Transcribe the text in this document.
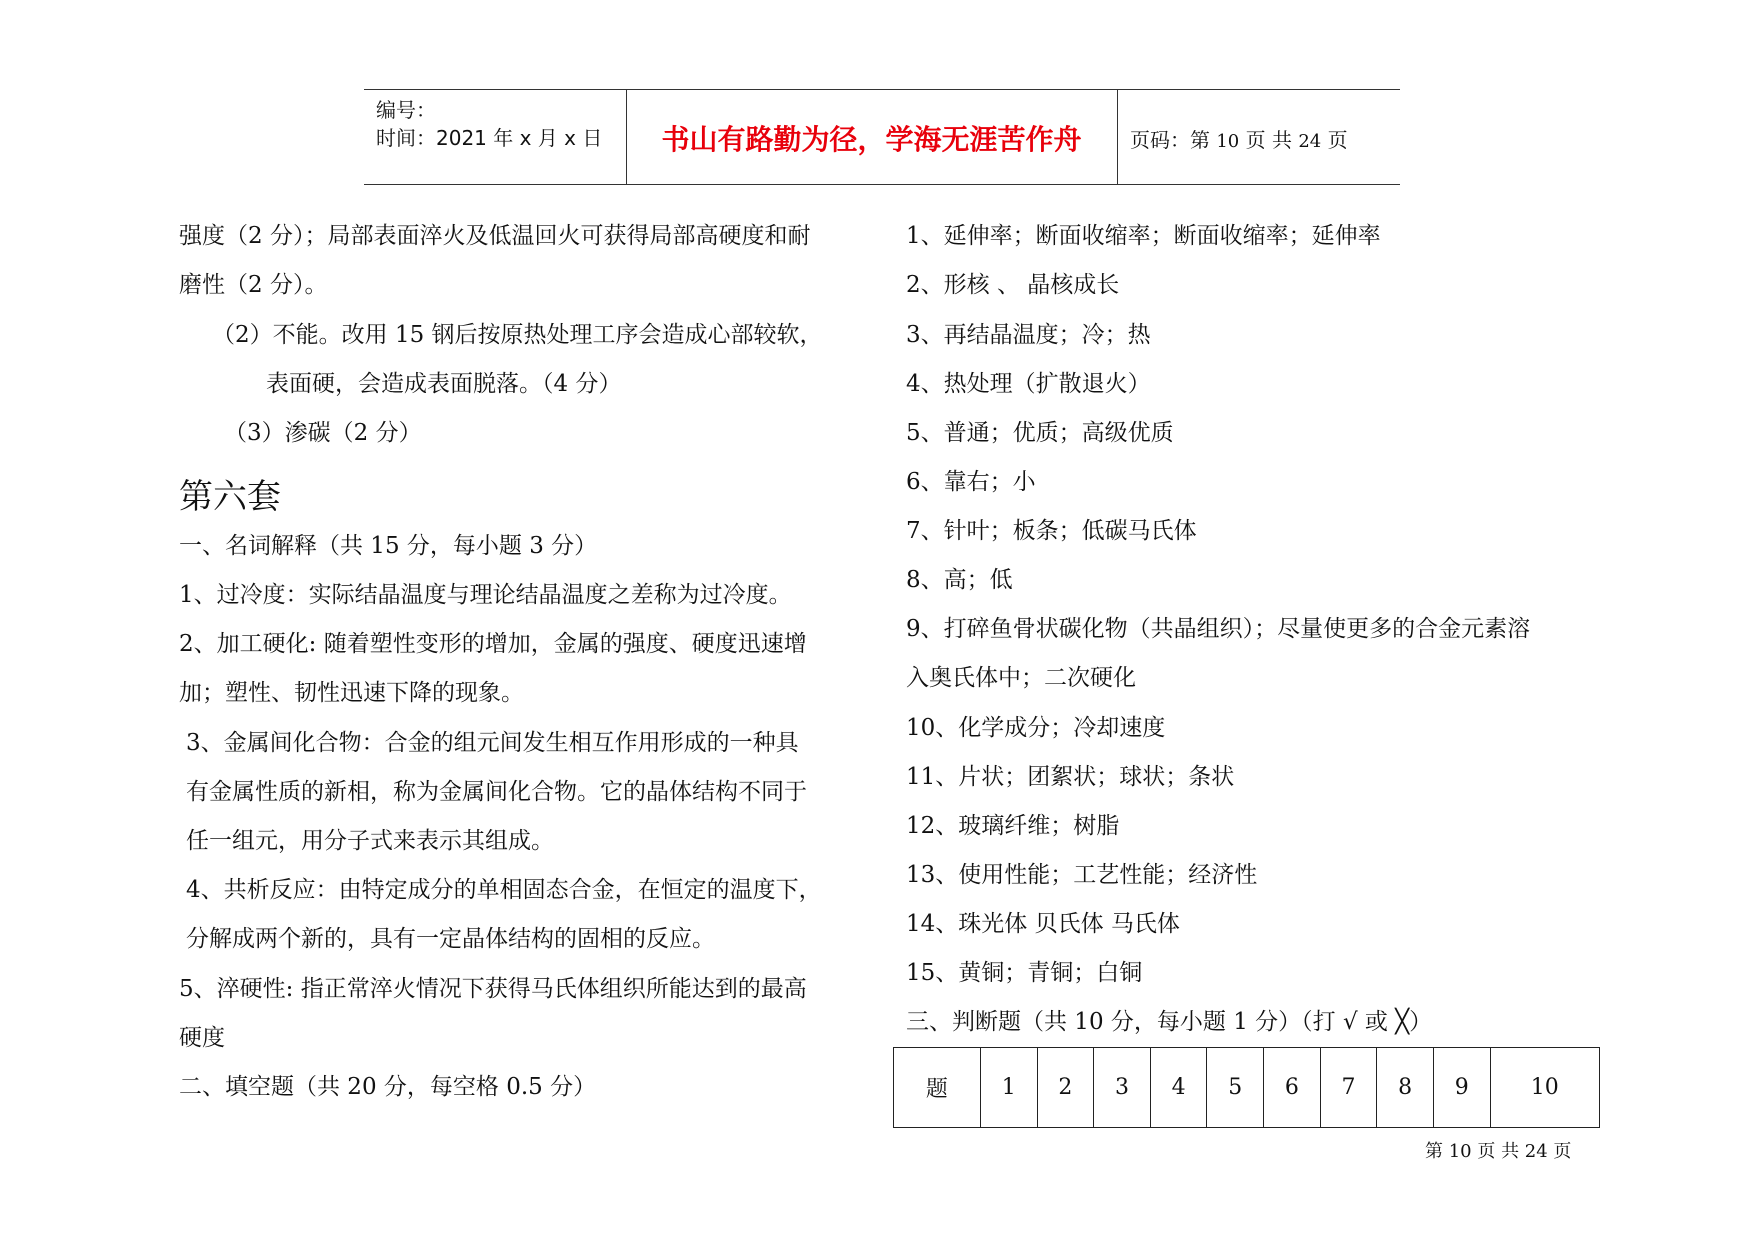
编号：
时间：2021 年 x 月 x 日	书山有路勤为径，学海无涯苦作舟	页码：第 10 页 共 24 页
强度（2 分）；局部表面淬火及低温回火可获得局部高硬度和耐
磨性（2 分）。
（2）不能。改用 15 钢后按原热处理工序会造成心部较软，
表面硬，会造成表面脱落。（4 分）
（3）渗碳（2 分）
第六套
一、名词解释（共 15 分，每小题 3 分）
1、过冷度：实际结晶温度与理论结晶温度之差称为过冷度。
2、加工硬化: 随着塑性变形的增加，金属的强度、硬度迅速增
加；塑性、韧性迅速下降的现象。
3、金属间化合物：合金的组元间发生相互作用形成的一种具
有金属性质的新相，称为金属间化合物。它的晶体结构不同于
任一组元，用分子式来表示其组成。
4、共析反应：由特定成分的单相固态合金，在恒定的温度下，
分解成两个新的，具有一定晶体结构的固相的反应。
5、淬硬性: 指正常淬火情况下获得马氏体组织所能达到的最高
硬度
二、填空题（共 20 分，每空格 0.5 分）
1、延伸率；断面收缩率；断面收缩率；延伸率
2、形核 、 晶核成长
3、再结晶温度；冷；热
4、热处理（扩散退火）
5、普通；优质；高级优质
6、靠右；小
7、针叶；板条；低碳马氏体
8、高；低
9、打碎鱼骨状碳化物（共晶组织）；尽量使更多的合金元素溶
入奥氏体中；二次硬化
10、化学成分；冷却速度
11、片状；团絮状；球状；条状
12、玻璃纤维；树脂
13、使用性能；工艺性能；经济性
14、珠光体 贝氏体 马氏体
15、黄铜；青铜；白铜
三、判断题（共 10 分，每小题 1 分）（打 √ 或 ╳）
题	1	2	3	4	5	6	7	8	9	10
第 10 页 共 24 页
